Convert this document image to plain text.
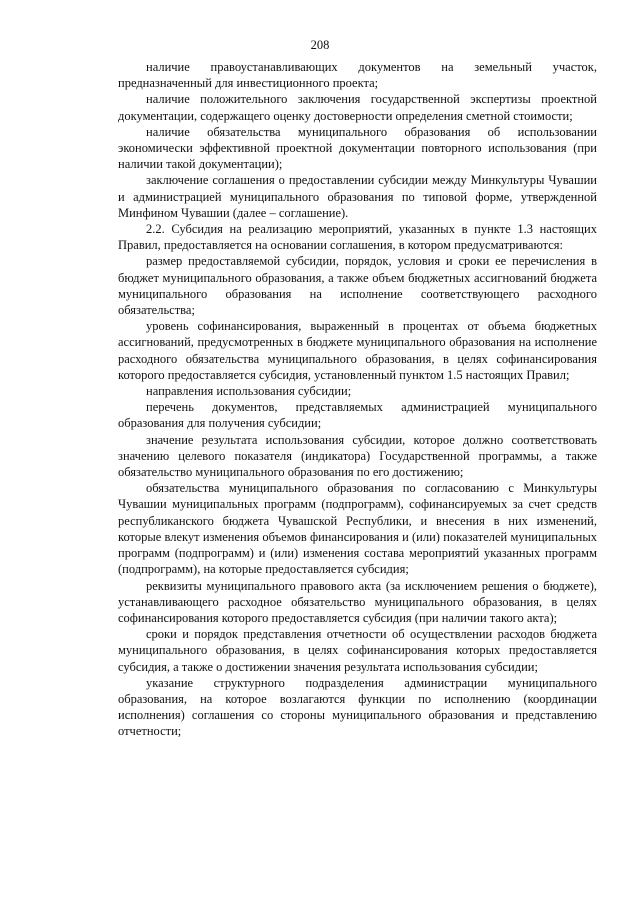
208

наличие правоустанавливающих документов на земельный участок, предназначенный для инвестиционного проекта;

наличие положительного заключения государственной экспертизы проектной документации, содержащего оценку достоверности определения сметной стоимости;

наличие обязательства муниципального образования об использовании экономически эффективной проектной документации повторного использования (при наличии такой документации);

заключение соглашения о предоставлении субсидии между Минкультуры Чувашии и администрацией муниципального образования по типовой форме, утвержденной Минфином Чувашии (далее – соглашение).

2.2. Субсидия на реализацию мероприятий, указанных в пункте 1.3 настоящих Правил, предоставляется на основании соглашения, в котором предусматриваются:

размер предоставляемой субсидии, порядок, условия и сроки ее перечисления в бюджет муниципального образования, а также объем бюджетных ассигнований бюджета муниципального образования на исполнение соответствующего расходного обязательства;

уровень софинансирования, выраженный в процентах от объема бюджетных ассигнований, предусмотренных в бюджете муниципального образования на исполнение расходного обязательства муниципального образования, в целях софинансирования которого предоставляется субсидия, установленный пунктом 1.5 настоящих Правил;

направления использования субсидии;

перечень документов, представляемых администрацией муниципального образования для получения субсидии;

значение результата использования субсидии, которое должно соответствовать значению целевого показателя (индикатора) Государственной программы, а также обязательство муниципального образования по его достижению;

обязательства муниципального образования по согласованию с Минкультуры Чувашии муниципальных программ (подпрограмм), софинансируемых за счет средств республиканского бюджета Чувашской Республики, и внесения в них изменений, которые влекут изменения объемов финансирования и (или) показателей муниципальных программ (подпрограмм) и (или) изменения состава мероприятий указанных программ (подпрограмм), на которые предоставляется субсидия;

реквизиты муниципального правового акта (за исключением решения о бюджете), устанавливающего расходное обязательство муниципального образования, в целях софинансирования которого предоставляется субсидия (при наличии такого акта);

сроки и порядок представления отчетности об осуществлении расходов бюджета муниципального образования, в целях софинансирования которых предоставляется субсидия, а также о достижении значения результата использования субсидии;

указание структурного подразделения администрации муниципального образования, на которое возлагаются функции по исполнению (координации исполнения) соглашения со стороны муниципального образования и представлению отчетности;
